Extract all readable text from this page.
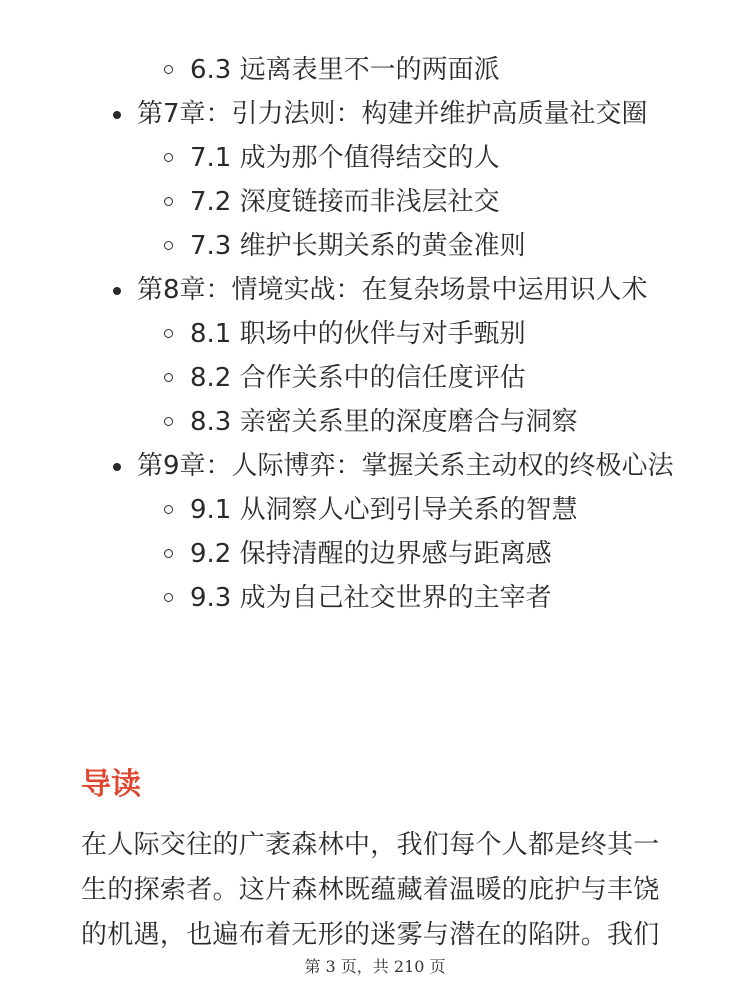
6.3 远离表里不一的两面派
第7章：引力法则：构建并维护高质量社交圈
7.1 成为那个值得结交的人
7.2 深度链接而非浅层社交
7.3 维护长期关系的黄金准则
第8章：情境实战：在复杂场景中运用识人术
8.1 职场中的伙伴与对手甄别
8.2 合作关系中的信任度评估
8.3 亲密关系里的深度磨合与洞察
第9章：人际博弈：掌握关系主动权的终极心法
9.1 从洞察人心到引导关系的智慧
9.2 保持清醒的边界感与距离感
9.3 成为自己社交世界的主宰者
导读

在人际交往的广袤森林中，我们每个人都是终其一生的探索者。这片森林既蕴藏着温暖的庇护与丰饶的机遇，也遍布着无形的迷雾与潜在的陷阱。我们

第 3 页，共 210 页
